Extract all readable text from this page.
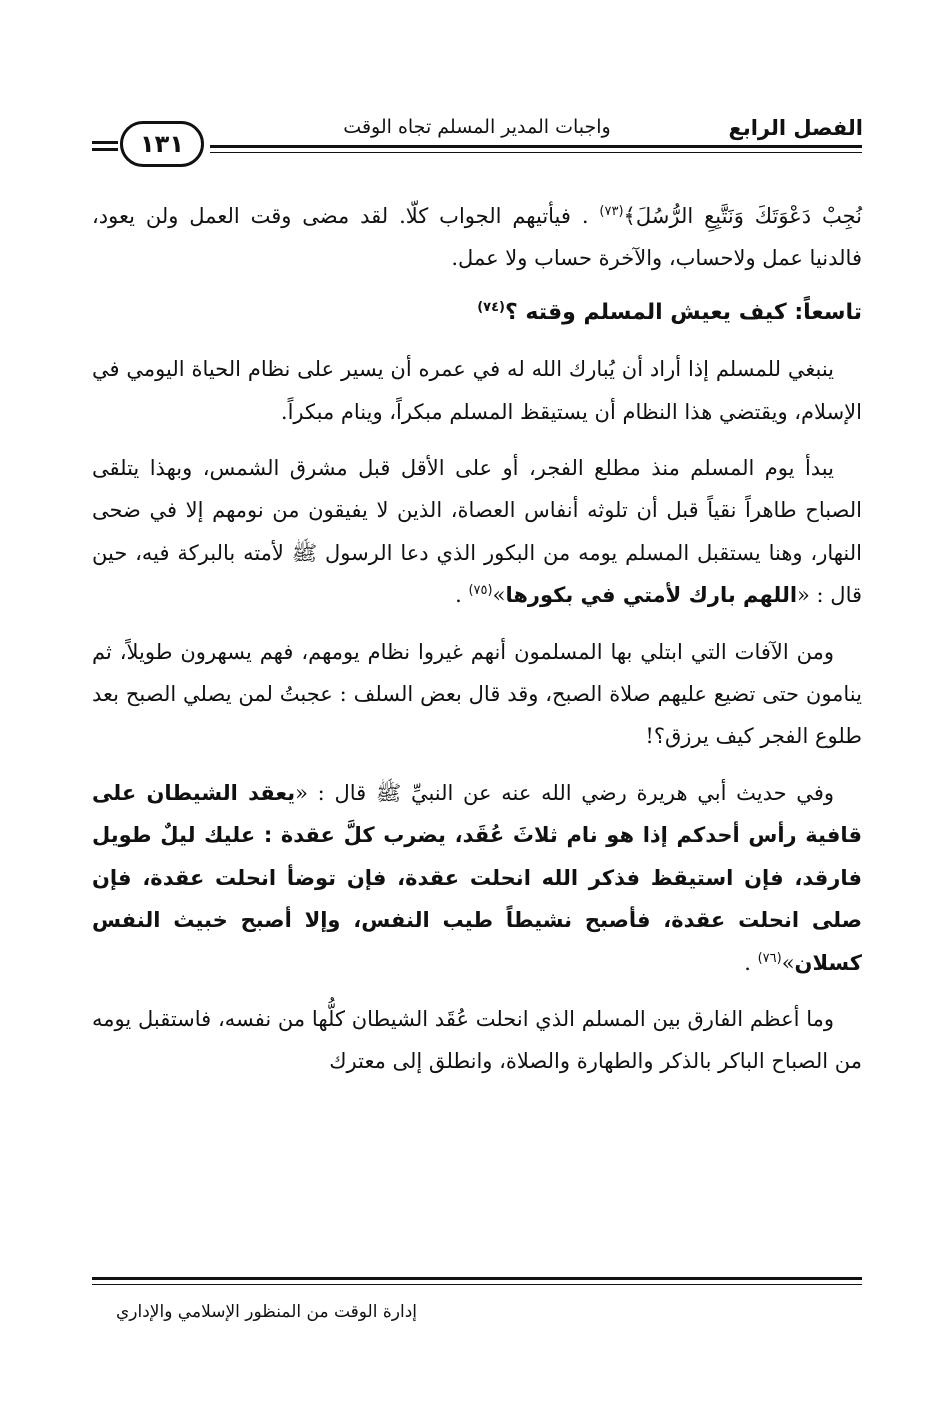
الفصل الرابع
واجبات المدير المسلم تجاه الوقت
١٣١

نُجِبْ دَعْوَتَكَ وَنَتَّبِعِ الرُّسُلَ﴾$^{(٧٣)}$ . فيأتيهم الجواب كلّا. لقد مضى وقت العمل ولن يعود، فالدنيا عمل ولاحساب، والآخرة حساب ولا عمل.

تاسعاً: كيف يعيش المسلم وقته ؟$^{(٧٤)}$

ينبغي للمسلم إذا أراد أن يُبارك الله له في عمره أن يسير على نظام الحياة اليومي في الإسلام، ويقتضي هذا النظام أن يستيقظ المسلم مبكراً، وينام مبكراً.

يبدأ يوم المسلم منذ مطلع الفجر، أو على الأقل قبل مشرق الشمس، وبهذا يتلقى الصباح طاهراً نقياً قبل أن تلوثه أنفاس العصاة، الذين لا يفيقون من نومهم إلا في ضحى النهار، وهنا يستقبل المسلم يومه من البكور الذي دعا الرسول ﷺ لأمته بالبركة فيه، حين قال : «اللهم بارك لأمتي في بكورها»$^{(٧٥)}$ .

ومن الآفات التي ابتلي بها المسلمون أنهم غيروا نظام يومهم، فهم يسهرون طويلاً، ثم ينامون حتى تضيع عليهم صلاة الصبح، وقد قال بعض السلف : عجبتُ لمن يصلي الصبح بعد طلوع الفجر كيف يرزق؟!

وفي حديث أبي هريرة رضي الله عنه عن النبيِّ ﷺ قال : «يعقد الشيطان على قافية رأس أحدكم إذا هو نام ثلاثَ عُقَد، يضرب كلَّ عقدة : عليك ليلٌ طويل فارقد، فإن استيقظ فذكر الله انحلت عقدة، فإن توضأ انحلت عقدة، فإن صلى انحلت عقدة، فأصبح نشيطاً طيب النفس، وإلا أصبح خبيث النفس كسلان»$^{(٧٦)}$ .

وما أعظم الفارق بين المسلم الذي انحلت عُقَد الشيطان كلُّها من نفسه، فاستقبل يومه من الصباح الباكر بالذكر والطهارة والصلاة، وانطلق إلى معترك

إدارة الوقت من المنظور الإسلامي والإداري
